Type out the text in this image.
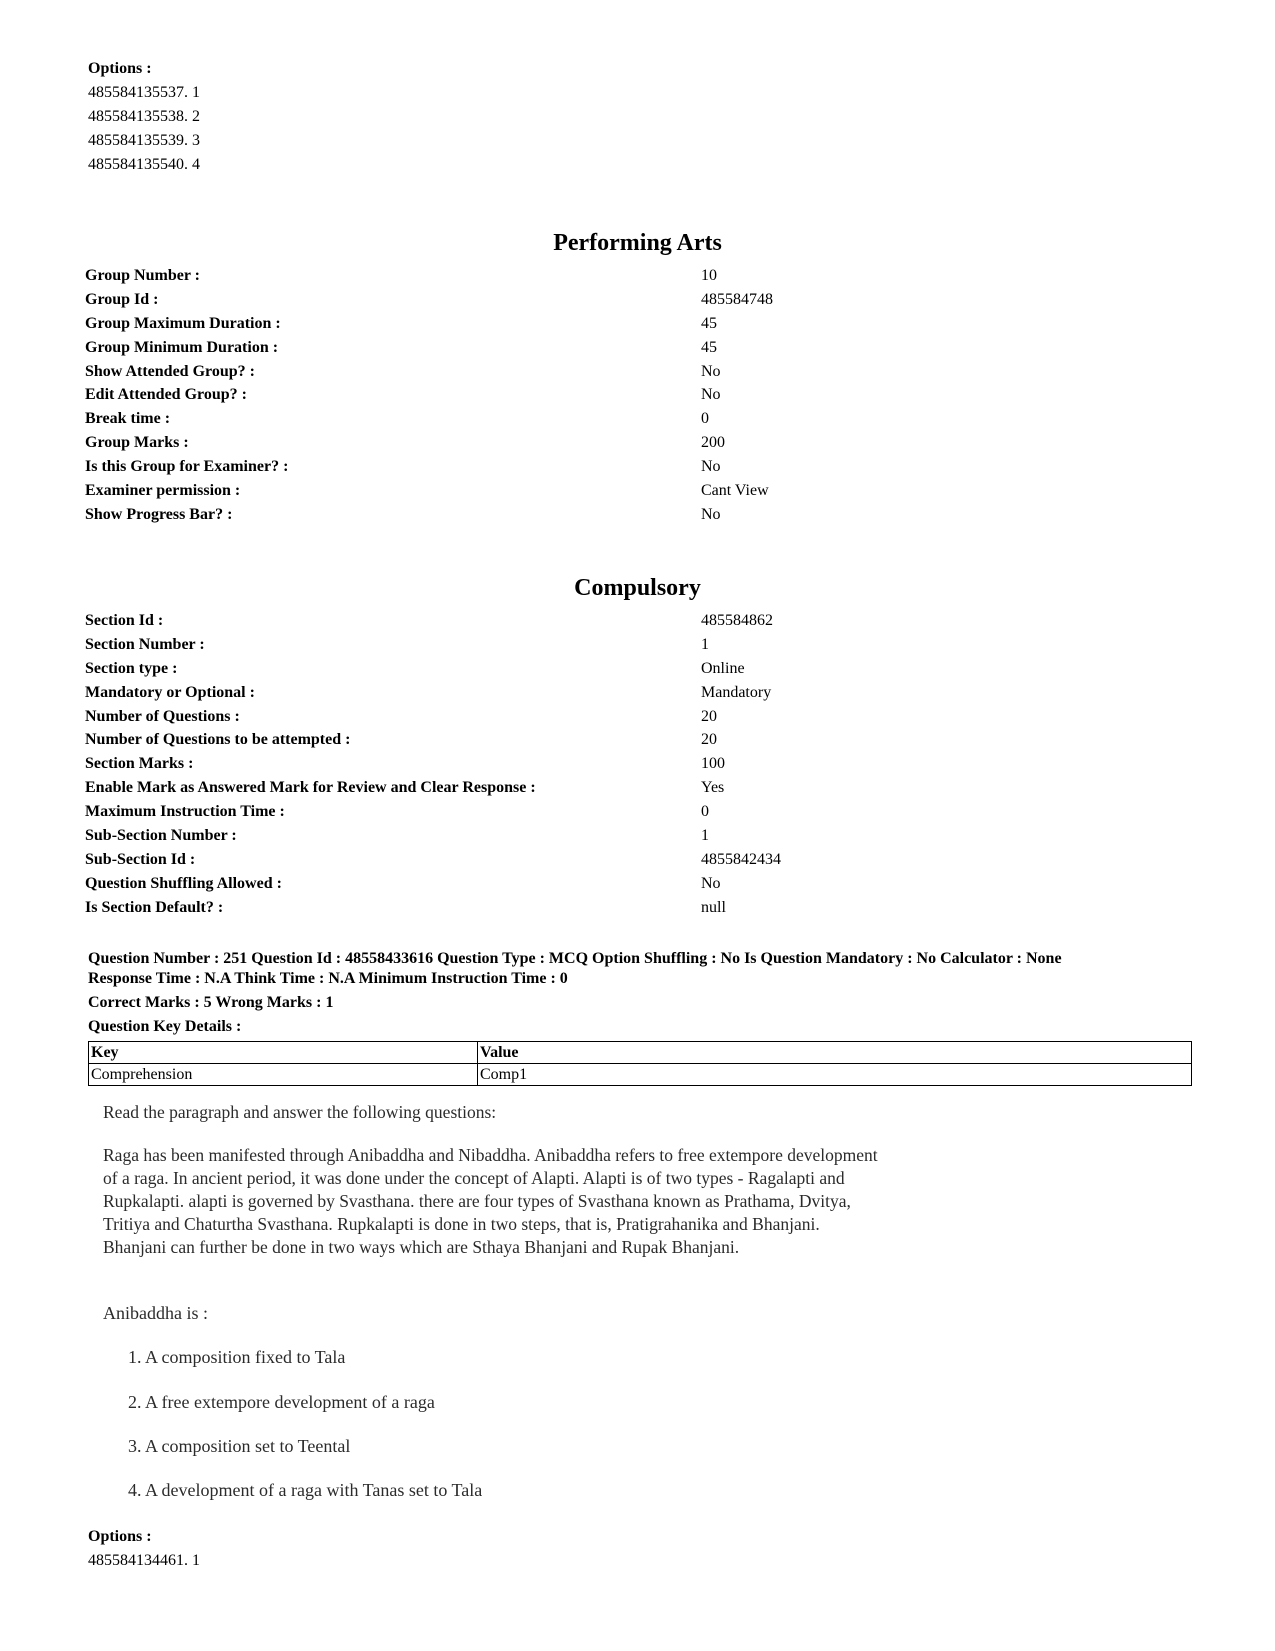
Options :
485584135537. 1
485584135538. 2
485584135539. 3
485584135540. 4
Performing Arts
Group Number :	10
Group Id :	485584748
Group Maximum Duration :	45
Group Minimum Duration :	45
Show Attended Group? :	No
Edit Attended Group? :	No
Break time :	0
Group Marks :	200
Is this Group for Examiner? :	No
Examiner permission :	Cant View
Show Progress Bar? :	No
Compulsory
Section Id :	485584862
Section Number :	1
Section type :	Online
Mandatory or Optional :	Mandatory
Number of Questions :	20
Number of Questions to be attempted :	20
Section Marks :	100
Enable Mark as Answered Mark for Review and Clear Response :	Yes
Maximum Instruction Time :	0
Sub-Section Number :	1
Sub-Section Id :	4855842434
Question Shuffling Allowed :	No
Is Section Default? :	null
Question Number : 251 Question Id : 48558433616 Question Type : MCQ Option Shuffling : No Is Question Mandatory : No Calculator : None
Response Time : N.A Think Time : N.A Minimum Instruction Time : 0
Correct Marks : 5 Wrong Marks : 1
Question Key Details :
Key	Value
Comprehension	Comp1

Read the paragraph and answer the following questions:

Raga has been manifested through Anibaddha and Nibaddha. Anibaddha refers to free extempore development

of a raga. In ancient period, it was done under the concept of Alapti. Alapti is of two types - Ragalapti and

Rupkalapti. alapti is governed by Svasthana. there are four types of Svasthana known as Prathama, Dvitya,

Tritiya and Chaturtha Svasthana. Rupkalapti is done in two steps, that is, Pratigrahanika and Bhanjani.

Bhanjani can further be done in two ways which are Sthaya Bhanjani and Rupak Bhanjani.

Anibaddha is :
1. A composition fixed to Tala
2. A free extempore development of a raga
3. A composition set to Teental
4. A development of a raga with Tanas set to Tala
Options :
485584134461. 1
